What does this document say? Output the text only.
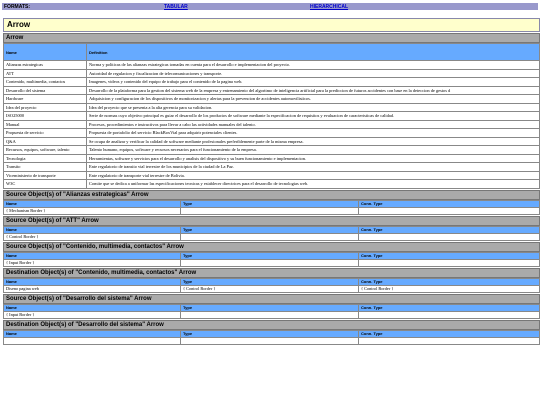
FORMATS:	TABULAR	HIERARCHICAL
Arrow
Arrow
Name	Definition
Alianzas estrategicas	Norma y politicas de las alianzas estrategicas tomadas en cuenta para el desarrollo e implementacion del proyecto.
ATT	Autoridad de regulacion y fiscalizacion de telecomunicaciones y transporte.
Contenido, multimedia, contactos	Imagenes, videos y contenido del equipo de trabajo para el contenido de la pagina web.
Desarrollo del sistema	Desarrollo de la plataforma para la gestion del sistema web de la empresa y entrenamiento del algoritmo de inteligencia artificial para la prediccion de futuros accidentes con base en la deteccion de gestos d
Hardware	Adquisicion y configuracion de los dispositivos de monitorizacion y alertas para la prevencion de accidentes automovilisticos.
Idea del proyecto	Idea del proyecto que se presenta a la alta gerencia para su validacion.
ISO25000	Serie de normas cuyo objetivo principal es guiar el desarrollo de los productos de software mediante la especificacion de requisitos y evaluacion de caracteristicas de calidad.
Manual	Procesos, procedimientos e instructivos para llevar a cabo las actividades manuales del talento.
Propuesta de servicio	Propuesta de portafolio del servicio BlackBoxVial para adquirir potenciales clientes.
Q&A	Se ocupa de analizar y verificar la calidad de software mediante profesionales preferiblemente parte de la misma empresa.
Recursos, equipos, software, talento	Talento humano, equipos, software y recursos necesarios para el funcionamiento de la empresa.
Tecnologia	Herramientas, software y servicios para el desarrollo y analisis del dispositivo y su buen funcionamiento e implementacion.
Transito	Ente regulatorio de transito vial terrestre de los municipios de la ciudad de La Paz.
Viceministerio de transporte	Ente regulatorio de transporte vial terrestre de Bolivia.
W3C	Comite que se dedica a uniformar las especificaciones tecnicas y establecer directrices para el desarrollo de tecnologias web.
Source Object(s) of "Alianzas estrategicas" Arrow
Name	Type	Conn. Type
{ Mechanism Border }		
Source Object(s) of "ATT" Arrow
Name	Type	Conn. Type
{ Control Border }		
Source Object(s) of "Contenido, multimedia, contactos" Arrow
Name	Type	Conn. Type
{ Input Border }		
Destination Object(s) of "Contenido, multimedia, contactos" Arrow
Name	Type	Conn. Type
Diseno pagina web	{ Control Border }	{ Control Border }
Source Object(s) of "Desarrollo del sistema" Arrow
Name	Type	Conn. Type
{ Input Border }		
Destination Object(s) of "Desarrollo del sistema" Arrow
Name	Type	Conn. Type
